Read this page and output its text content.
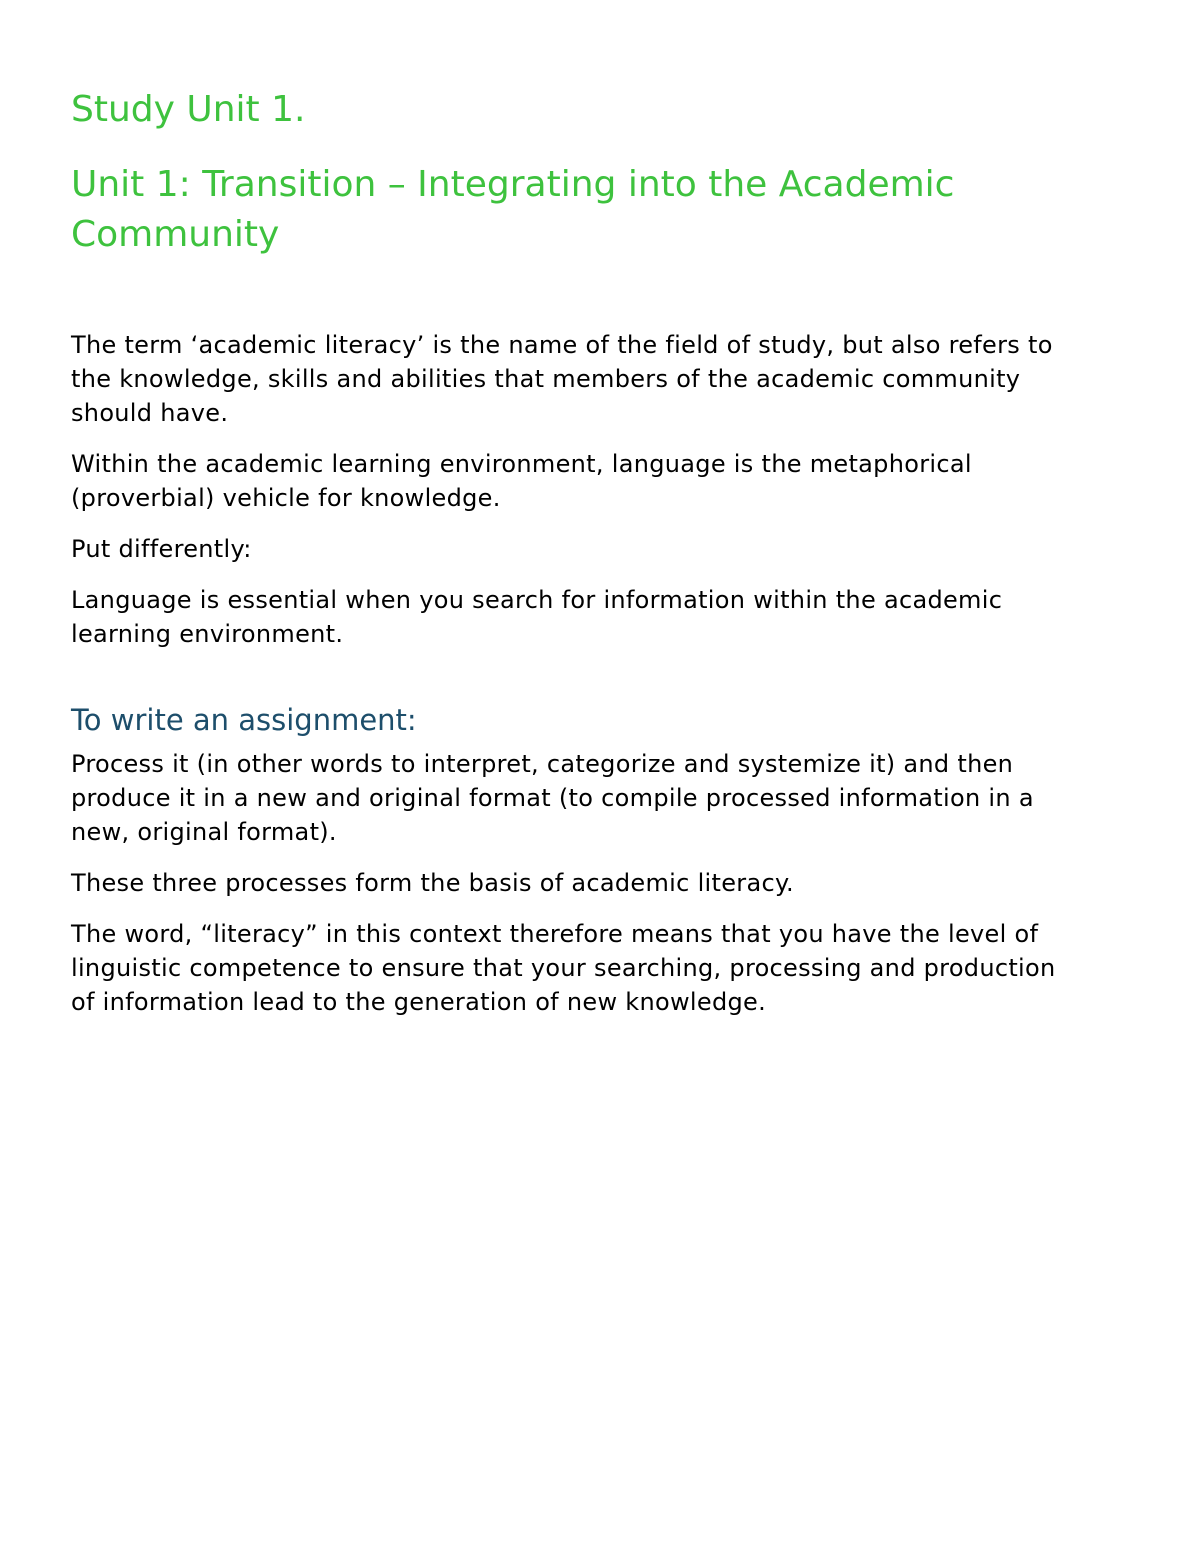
Study Unit 1.
Unit 1: Transition – Integrating into the Academic Community

The term ‘academic literacy’ is the name of the field of study, but also refers to the knowledge, skills and abilities that members of the academic community should have.

Within the academic learning environment, language is the metaphorical (proverbial) vehicle for knowledge.

Put differently:

Language is essential when you search for information within the academic learning environment.

To write an assignment:

Process it (in other words to interpret, categorize and systemize it) and then produce it in a new and original format (to compile processed information in a new, original format).

These three processes form the basis of academic literacy.

The word, “literacy” in this context therefore means that you have the level of linguistic competence to ensure that your searching, processing and production of information lead to the generation of new knowledge.
